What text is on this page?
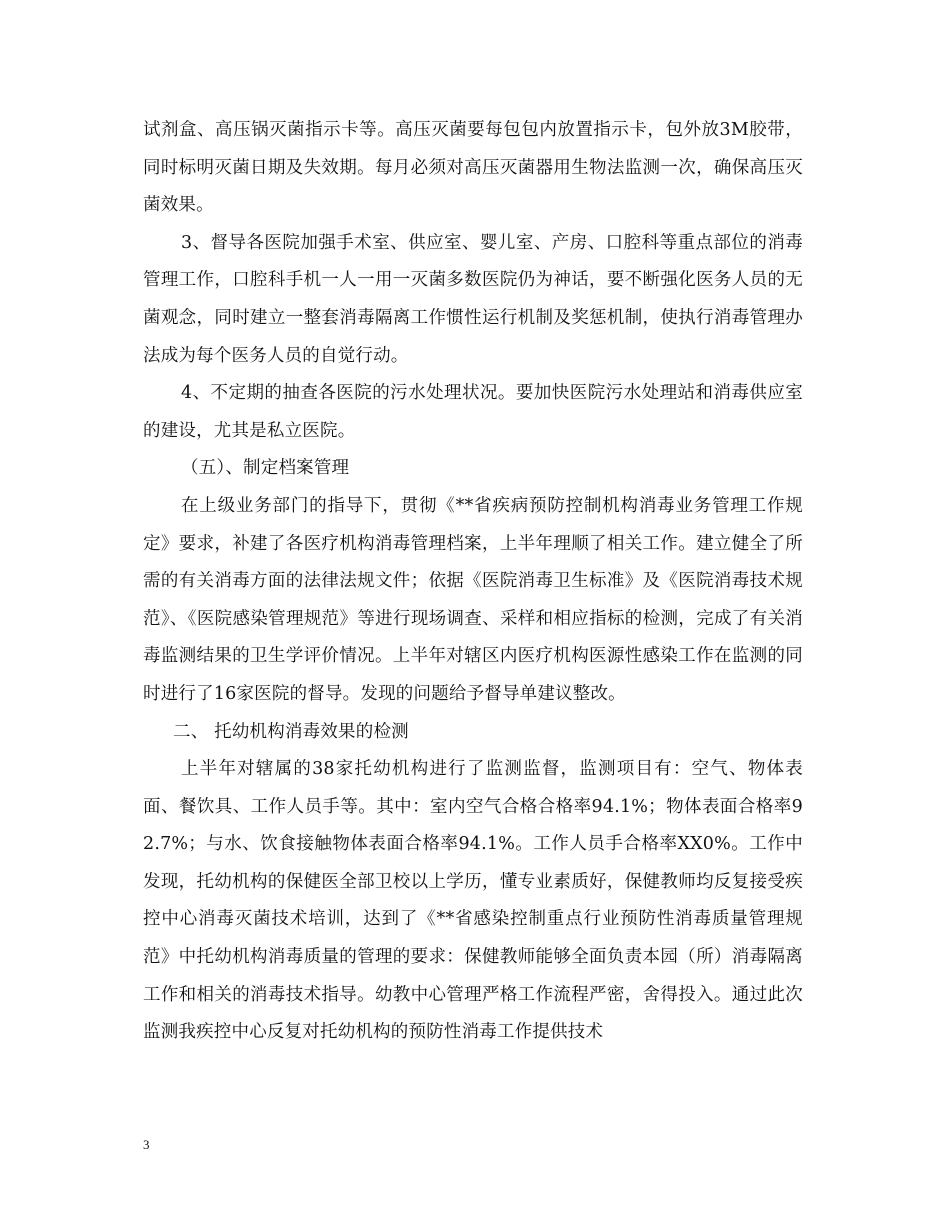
试剂盒、高压锅灭菌指示卡等。高压灭菌要每包包内放置指示卡，包外放3M胶带，同时标明灭菌日期及失效期。每月必须对高压灭菌器用生物法监测一次，确保高压灭菌效果。

3、督导各医院加强手术室、供应室、婴儿室、产房、口腔科等重点部位的消毒管理工作，口腔科手机一人一用一灭菌多数医院仍为神话，要不断强化医务人员的无菌观念，同时建立一整套消毒隔离工作惯性运行机制及奖惩机制，使执行消毒管理办法成为每个医务人员的自觉行动。

4、不定期的抽查各医院的污水处理状况。要加快医院污水处理站和消毒供应室的建设，尤其是私立医院。

（五）、制定档案管理

在上级业务部门的指导下，贯彻《**省疾病预防控制机构消毒业务管理工作规定》要求，补建了各医疗机构消毒管理档案，上半年理顺了相关工作。建立健全了所需的有关消毒方面的法律法规文件；依据《医院消毒卫生标准》及《医院消毒技术规范》、《医院感染管理规范》等进行现场调查、采样和相应指标的检测，完成了有关消毒监测结果的卫生学评价情况。上半年对辖区内医疗机构医源性感染工作在监测的同时进行了16家医院的督导。发现的问题给予督导单建议整改。

二、 托幼机构消毒效果的检测

上半年对辖属的38家托幼机构进行了监测监督，监测项目有：空气、物体表面、餐饮具、工作人员手等。其中：室内空气合格合格率94.1%；物体表面合格率92.7%；与水、饮食接触物体表面合格率94.1%。工作人员手合格率XX0%。工作中发现，托幼机构的保健医全部卫校以上学历，懂专业素质好，保健教师均反复接受疾控中心消毒灭菌技术培训，达到了《**省感染控制重点行业预防性消毒质量管理规范》中托幼机构消毒质量的管理的要求：保健教师能够全面负责本园（所）消毒隔离工作和相关的消毒技术指导。幼教中心管理严格工作流程严密，舍得投入。通过此次监测我疾控中心反复对托幼机构的预防性消毒工作提供技术

3
